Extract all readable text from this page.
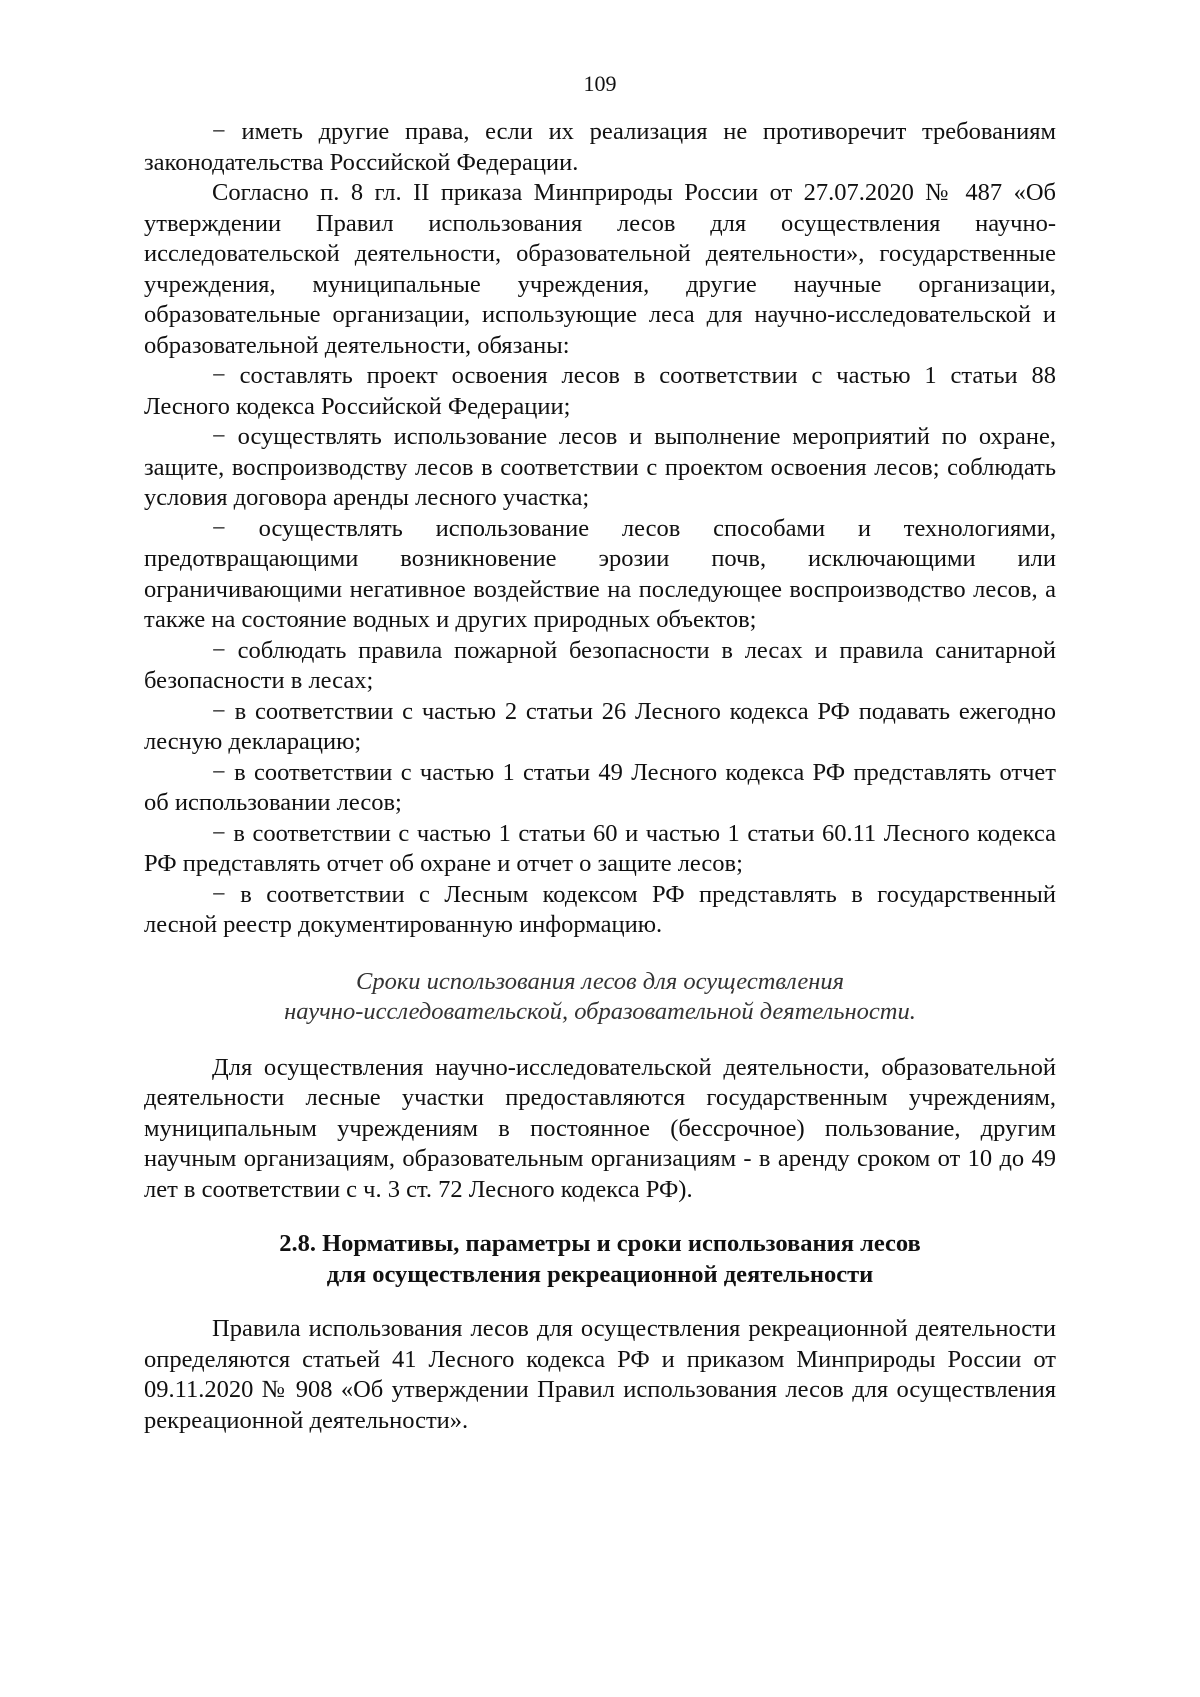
109

− иметь другие права, если их реализация не противоречит требованиям законодательства Российской Федерации.

Согласно п. 8 гл. II приказа Минприроды России от 27.07.2020 № 487 «Об утверждении Правил использования лесов для осуществления научно-исследовательской деятельности, образовательной деятельности», государственные учреждения, муниципальные учреждения, другие научные организации, образовательные организации, использующие леса для научно-исследовательской и образовательной деятельности, обязаны:

− составлять проект освоения лесов в соответствии с частью 1 статьи 88 Лесного кодекса Российской Федерации;

− осуществлять использование лесов и выполнение мероприятий по охране, защите, воспроизводству лесов в соответствии с проектом освоения лесов; соблюдать условия договора аренды лесного участка;

− осуществлять использование лесов способами и технологиями, предотвращающими возникновение эрозии почв, исключающими или ограничивающими негативное воздействие на последующее воспроизводство лесов, а также на состояние водных и других природных объектов;

− соблюдать правила пожарной безопасности в лесах и правила санитарной безопасности в лесах;

− в соответствии с частью 2 статьи 26 Лесного кодекса РФ подавать ежегодно лесную декларацию;

− в соответствии с частью 1 статьи 49 Лесного кодекса РФ представлять отчет об использовании лесов;

− в соответствии с частью 1 статьи 60 и частью 1 статьи 60.11 Лесного кодекса РФ представлять отчет об охране и отчет о защите лесов;

− в соответствии с Лесным кодексом РФ представлять в государственный лесной реестр документированную информацию.

Сроки использования лесов для осуществления
научно-исследовательской, образовательной деятельности.

Для осуществления научно-исследовательской деятельности, образовательной деятельности лесные участки предоставляются государственным учреждениям, муниципальным учреждениям в постоянное (бессрочное) пользование, другим научным организациям, образовательным организациям - в аренду сроком от 10 до 49 лет в соответствии с ч. 3 ст. 72 Лесного кодекса РФ).

2.8. Нормативы, параметры и сроки использования лесов
для осуществления рекреационной деятельности

Правила использования лесов для осуществления рекреационной деятельности определяются статьей 41 Лесного кодекса РФ и приказом Минприроды России от 09.11.2020 № 908 «Об утверждении Правил использования лесов для осуществления рекреационной деятельности».
